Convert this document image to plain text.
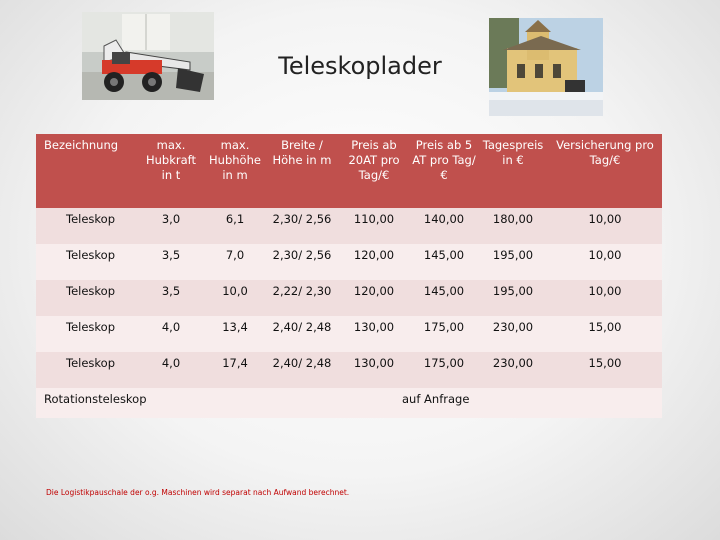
Teleskoplader
Bezeichnung	max. Hubkraft in t	max. Hubhöhe in m	Breite / Höhe in m	Preis ab 20AT pro Tag/€	Preis ab 5 AT pro Tag/€	Tagespreis in €	Versicherung pro Tag/€
Teleskop	3,0	6,1	2,30/ 2,56	110,00	140,00	180,00	10,00
Teleskop	3,5	7,0	2,30/ 2,56	120,00	145,00	195,00	10,00
Teleskop	3,5	10,0	2,22/ 2,30	120,00	145,00	195,00	10,00
Teleskop	4,0	13,4	2,40/ 2,48	130,00	175,00	230,00	15,00
Teleskop	4,0	17,4	2,40/ 2,48	130,00	175,00	230,00	15,00
Rotationsteleskop				auf Anfrage			
Die Logistikpauschale der o.g. Maschinen wird separat nach Aufwand berechnet.
